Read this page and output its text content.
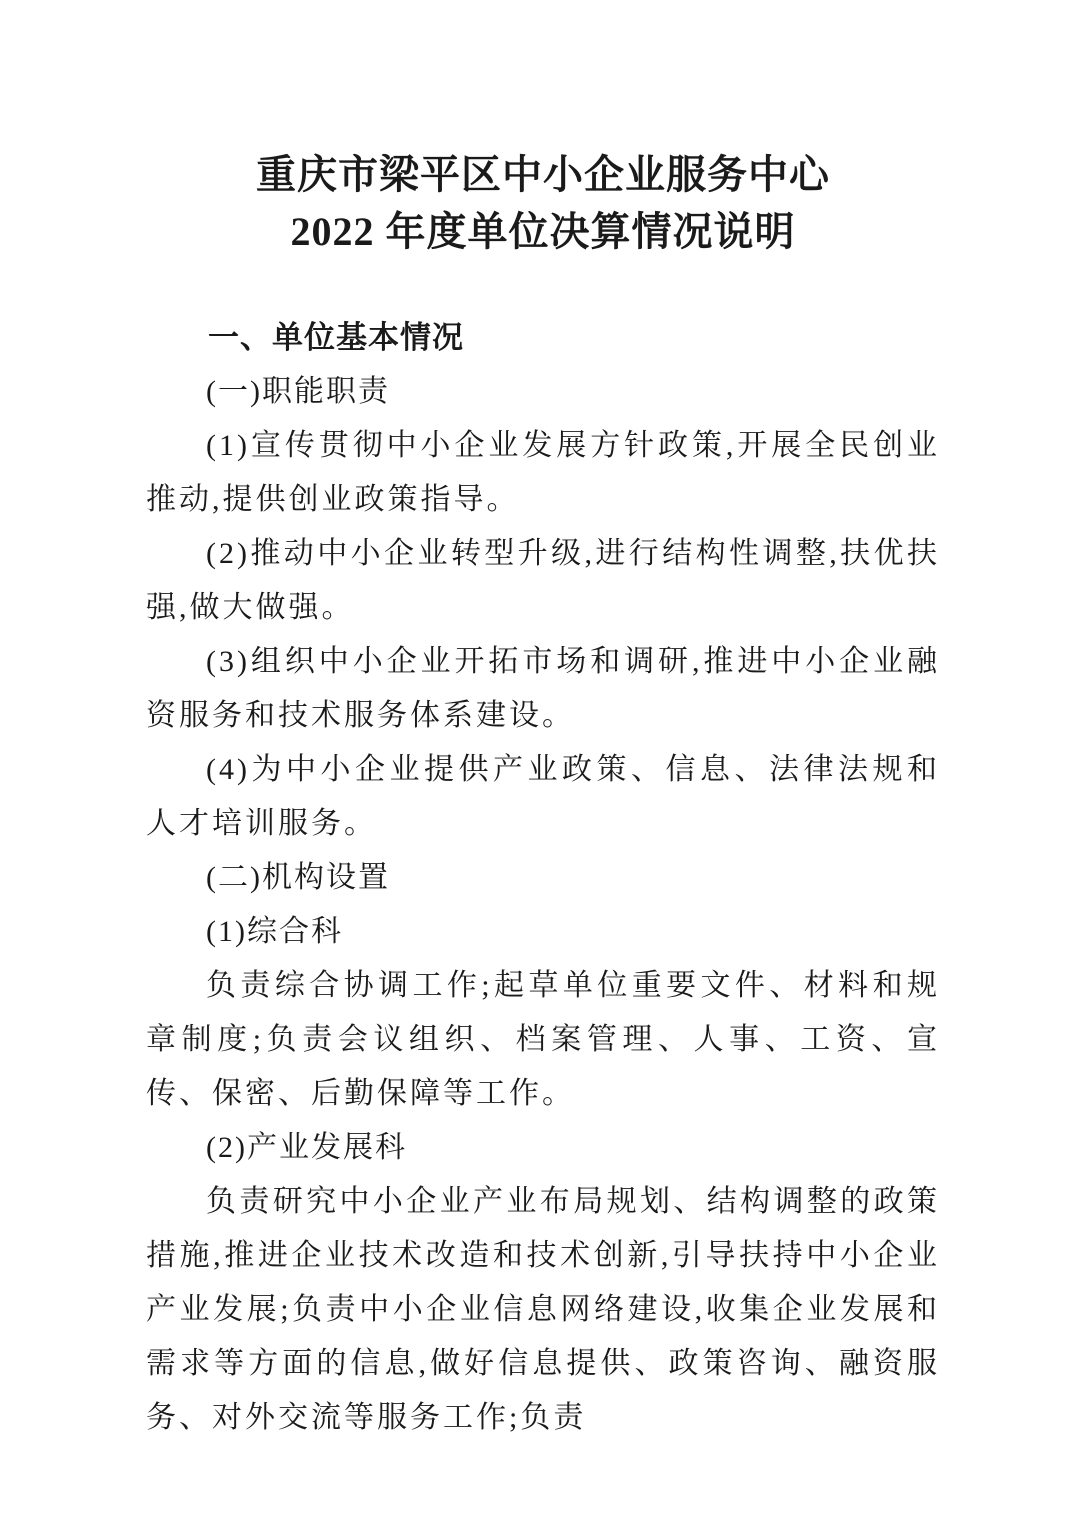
重庆市梁平区中小企业服务中心
2022 年度单位决算情况说明

一、单位基本情况

(一)职能职责

(1)宣传贯彻中小企业发展方针政策,开展全民创业推动,提供创业政策指导。

(2)推动中小企业转型升级,进行结构性调整,扶优扶强,做大做强。

(3)组织中小企业开拓市场和调研,推进中小企业融资服务和技术服务体系建设。

(4)为中小企业提供产业政策、信息、法律法规和人才培训服务。

(二)机构设置

(1)综合科

负责综合协调工作;起草单位重要文件、材料和规章制度;负责会议组织、档案管理、人事、工资、宣传、保密、后勤保障等工作。

(2)产业发展科

负责研究中小企业产业布局规划、结构调整的政策措施,推进企业技术改造和技术创新,引导扶持中小企业产业发展;负责中小企业信息网络建设,收集企业发展和需求等方面的信息,做好信息提供、政策咨询、融资服务、对外交流等服务工作;负责
